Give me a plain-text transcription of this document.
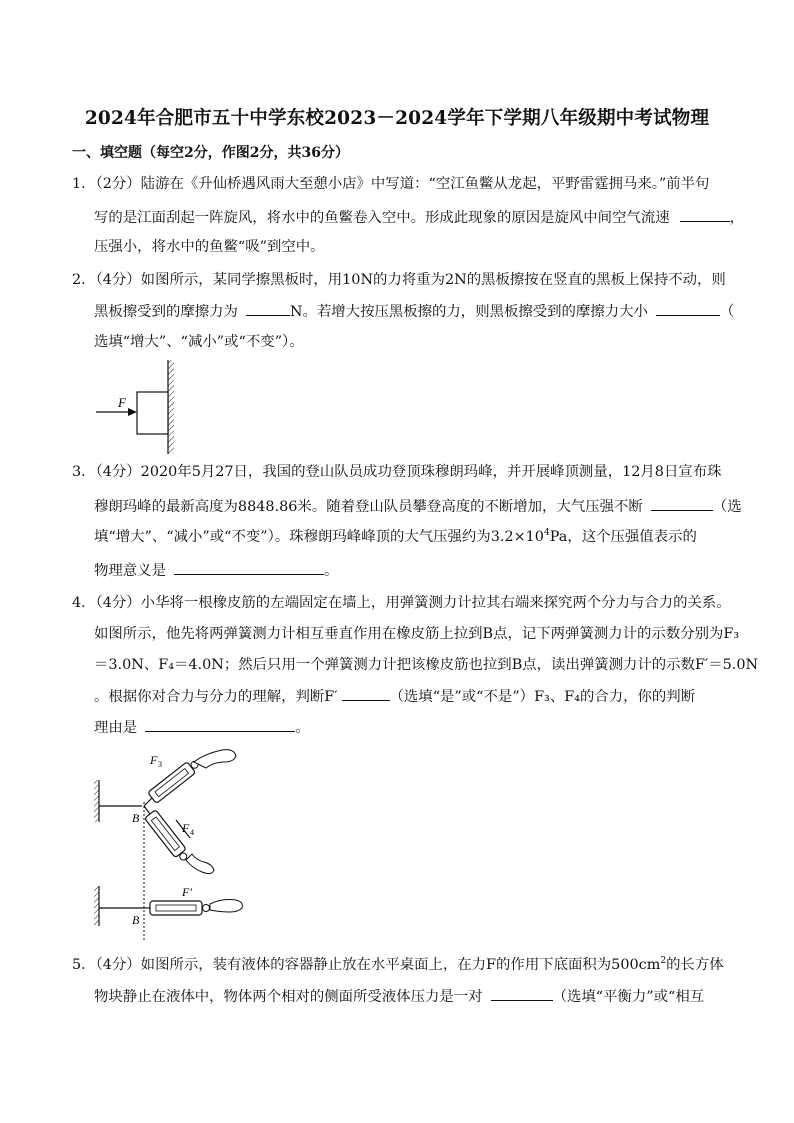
2024年合肥市五十中学东校2023－2024学年下学期八年级期中考试物理
一、填空题（每空2分，作图2分，共36分）
1．（2分）陆游在《升仙桥遇风雨大至憩小店》中写道：“空江鱼鳖从龙起，平野雷霆拥马来。”前半句
写的是江面刮起一阵旋风，将水中的鱼鳖卷入空中。形成此现象的原因是旋风中间空气流速	，
压强小，将水中的鱼鳖“吸”到空中。
2．（4分）如图所示，某同学擦黑板时，用10N的力将重为2N的黑板擦按在竖直的黑板上保持不动，则
黑板擦受到的摩擦力为	N。若增大按压黑板擦的力，则黑板擦受到的摩擦力大小	（
选填“增大”、“减小”或“不变”）。
F
3．（4分）2020年5月27日，我国的登山队员成功登顶珠穆朗玛峰，并开展峰顶测量，12月8日宣布珠
穆朗玛峰的最新高度为8848.86米。随着登山队员攀登高度的不断增加，大气压强不断	（选
填“增大”、“减小”或“不变”）。珠穆朗玛峰峰顶的大气压强约为$3.2\times 10^4Pa$，这个压强值表示的
物理意义是	。
4．（4分）小华将一根橡皮筋的左端固定在墙上，用弹簧测力计拉其右端来探究两个分力与合力的关系。
如图所示，他先将两弹簧测力计相互垂直作用在橡皮筋上拉到B点，记下两弹簧测力计的示数分别为F₃
＝3.0N、F₄＝4.0N；然后只用一个弹簧测力计把该橡皮筋也拉到B点，读出弹簧测力计的示数F′＝5.0N
。根据你对合力与分力的理解，判断F′	（选填“是”或“不是”）F₃、F₄的合力，你的判断
理由是	。
F 3
F 4
B
F′
B
5．（4分）如图所示，装有液体的容器静止放在水平桌面上，在力F的作用下底面积为$500cm^2$的长方体
物块静止在液体中，物体两个相对的侧面所受液体压力是一对	（选填“平衡力”或“相互
